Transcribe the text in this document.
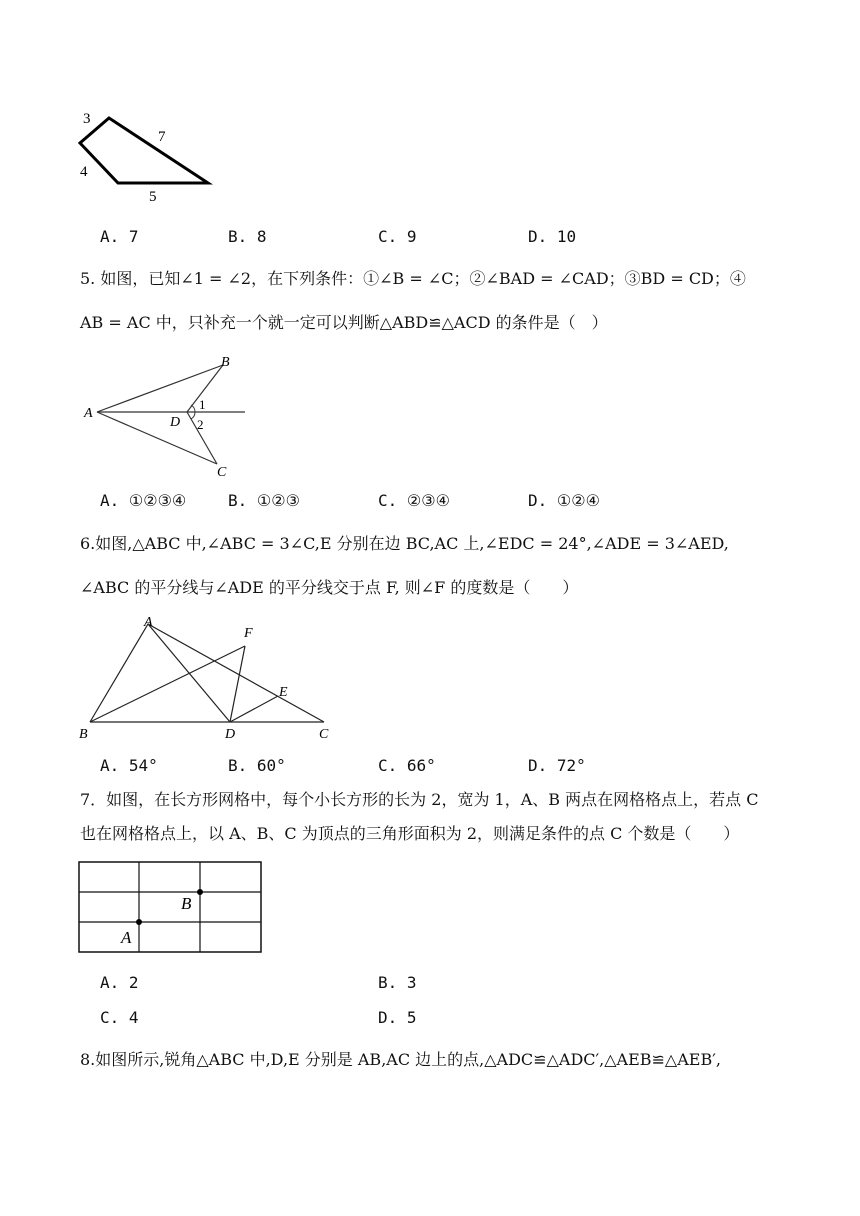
3
7
4
5
A. 7	B. 8	C. 9	D. 10
5. 如图，已知∠1 = ∠2，在下列条件：①∠B = ∠C；②∠BAD = ∠CAD；③BD = CD；④
AB = AC 中，只补充一个就一定可以判断△ABD≌△ACD 的条件是（　）
B
A
D
1
2
C
A. ①②③④	B. ①②③	C. ②③④	D. ①②④
6.如图,△ABC 中,∠ABC = 3∠C,E 分别在边 BC,AC 上,∠EDC = 24°,∠ADE = 3∠AED,
∠ABC 的平分线与∠ADE 的平分线交于点 F, 则∠F 的度数是（　　）
A
F
E
B	D	C
A. 54°	B. 60°	C. 66°	D. 72°
7．如图，在长方形网格中，每个小长方形的长为 2，宽为 1，A、B 两点在网格格点上，若点 C
也在网格格点上，以 A、B、C 为顶点的三角形面积为 2，则满足条件的点 C 个数是（　　）
B
A
A. 2	B. 3
C. 4	D. 5
8.如图所示,锐角△ABC 中,D,E 分别是 AB,AC 边上的点,△ADC≌△ADC′,△AEB≌△AEB′,
